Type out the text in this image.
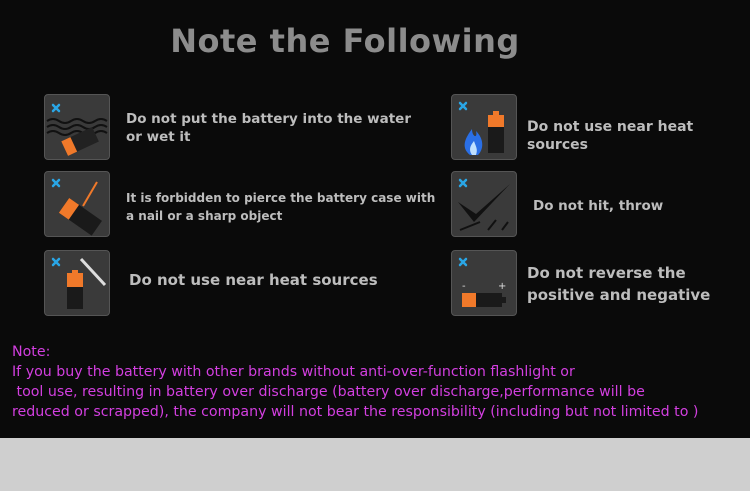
Note the Following
Do not put the battery into the water or wet it
It is forbidden to pierce the battery case with a nail or a sharp object
Do not use near heat sources
Do not use near heat sources
Do not hit, throw
-	+
Do not reverse the positive and negative
Note:
If you buy the battery with other brands without anti-over-function flashlight or
tool use, resulting in battery over discharge (battery over discharge,performance will be
reduced or scrapped), the company will not bear the responsibility (including but not limited to )
